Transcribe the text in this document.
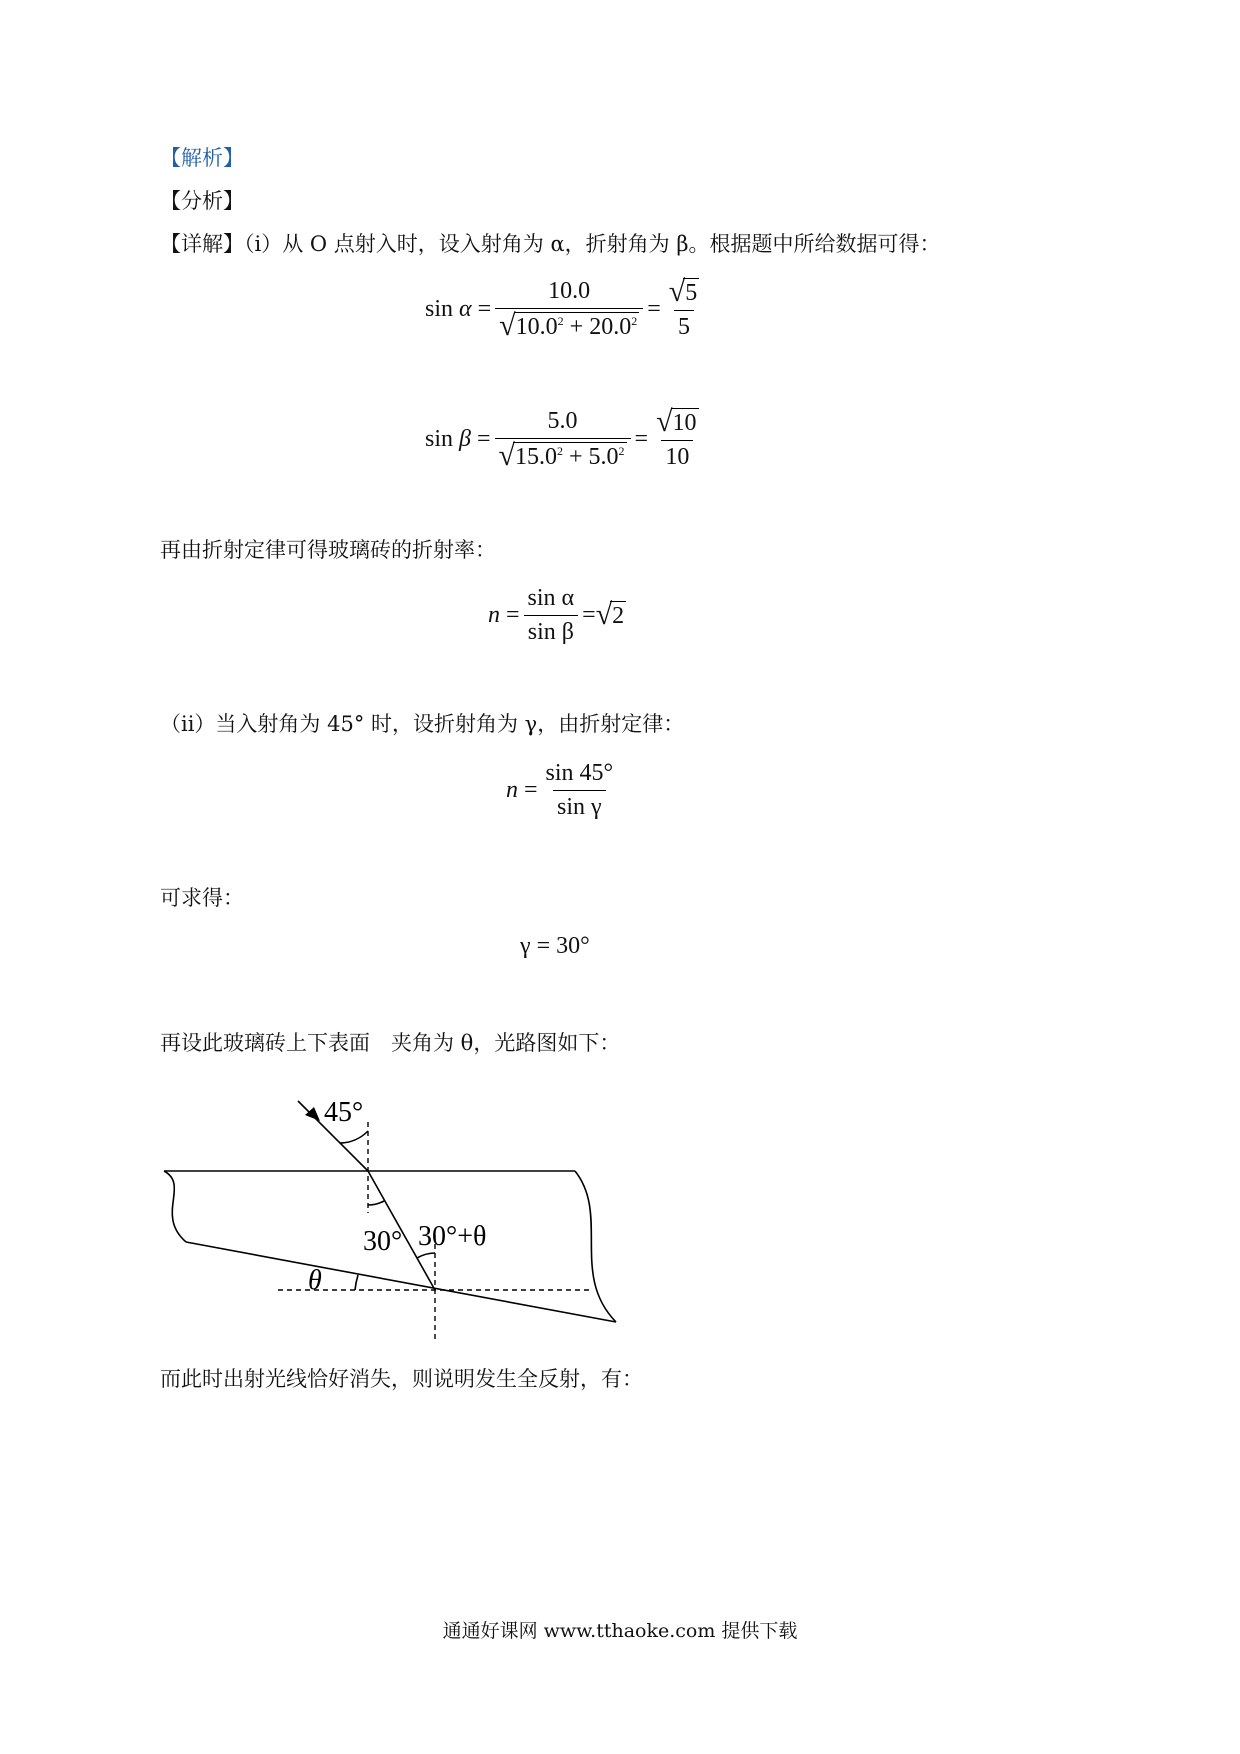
【解析】
【分析】
【详解】（i）从 O 点射入时，设入射角为 α，折射角为 β。根据题中所给数据可得：
sin
$\alpha = \frac{10.0}{√ 10.0^2 + 20.0^2} = \frac{√ 5}{5}$
sin
$\beta = \frac{5.0}{√ 15.0^2 + 5.0^2} = \frac{√ 10}{10}$
再由折射定律可得玻璃砖的折射率：
$n = \frac{\text{sin α}}{\text{sin β}}$ = √ 2
（ii）当入射角为 45° 时，设折射角为 γ，由折射定律：
$n = \frac{\sin 45^\circ}{\text{sin γ}}$
可求得：
γ = 30°
再设此玻璃砖上下表面　夹角为 θ，光路图如下：
45°
30° 30°+θ
θ
而此时出射光线恰好消失，则说明发生全反射，有：
通通好课网 www.tthaoke.com 提供下载
